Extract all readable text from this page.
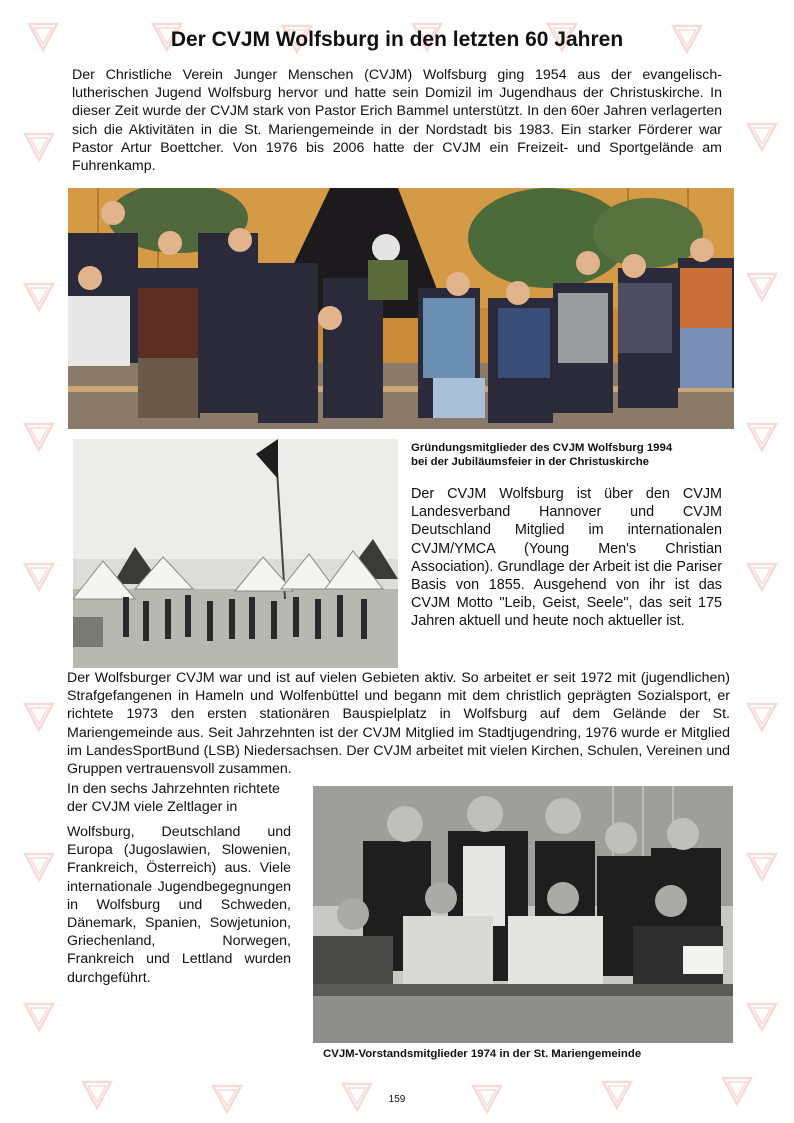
Der CVJM Wolfsburg in den letzten 60 Jahren

Der Christliche Verein Junger Menschen (CVJM) Wolfsburg ging 1954 aus der evangelisch-lutherischen Jugend Wolfsburg hervor und hatte sein Domizil im Jugendhaus der Christuskirche. In dieser Zeit wurde der CVJM stark von Pastor Erich Bammel unterstützt. In den 60er Jahren verlagerten sich die Aktivitäten in die St. Mariengemeinde in der Nordstadt bis 1983. Ein starker Förderer war Pastor Artur Boettcher. Von 1976 bis 2006 hatte der CVJM ein Freizeit- und Sportgelände am Fuhrenkamp.

Gründungsmitglieder des CVJM Wolfsburg 1994
bei der Jubiläumsfeier in der Christuskirche

Der CVJM Wolfsburg ist über den CVJM Landesverband Hannover und CVJM Deutschland Mitglied im internationalen CVJM/YMCA (Young Men's Christian Association). Grundlage der Arbeit ist die Pariser Basis von 1855. Ausgehend von ihr ist das CVJM Motto "Leib, Geist, Seele", das seit 175 Jahren aktuell und heute noch aktueller ist.

Der Wolfsburger CVJM war und ist auf vielen Gebieten aktiv. So arbeitet er seit 1972 mit (jugendlichen) Strafgefangenen in Hameln und Wolfenbüttel und begann mit dem christlich geprägten Sozialsport, er richtete 1973 den ersten stationären Bauspielplatz in Wolfsburg auf dem Gelände der St. Mariengemeinde aus. Seit Jahrzehnten ist der CVJM Mitglied im Stadtjugendring, 1976 wurde er Mitglied im LandesSportBund (LSB) Niedersachsen. Der CVJM arbeitet mit vielen Kirchen, Schulen, Vereinen und Gruppen vertrauensvoll zusammen.

In den sechs Jahrzehnten richtete
der CVJM viele Zeltlager in

Wolfsburg, Deutschland und Europa (Jugoslawien, Slowenien, Frankreich, Österreich) aus. Viele internationale Jugendbegegnungen in Wolfsburg und Schweden, Dänemark, Spanien, Sowjetunion, Griechenland, Norwegen, Frankreich und Lettland wurden durchgeführt.

CVJM-Vorstandsmitglieder 1974 in der St. Mariengemeinde

159
